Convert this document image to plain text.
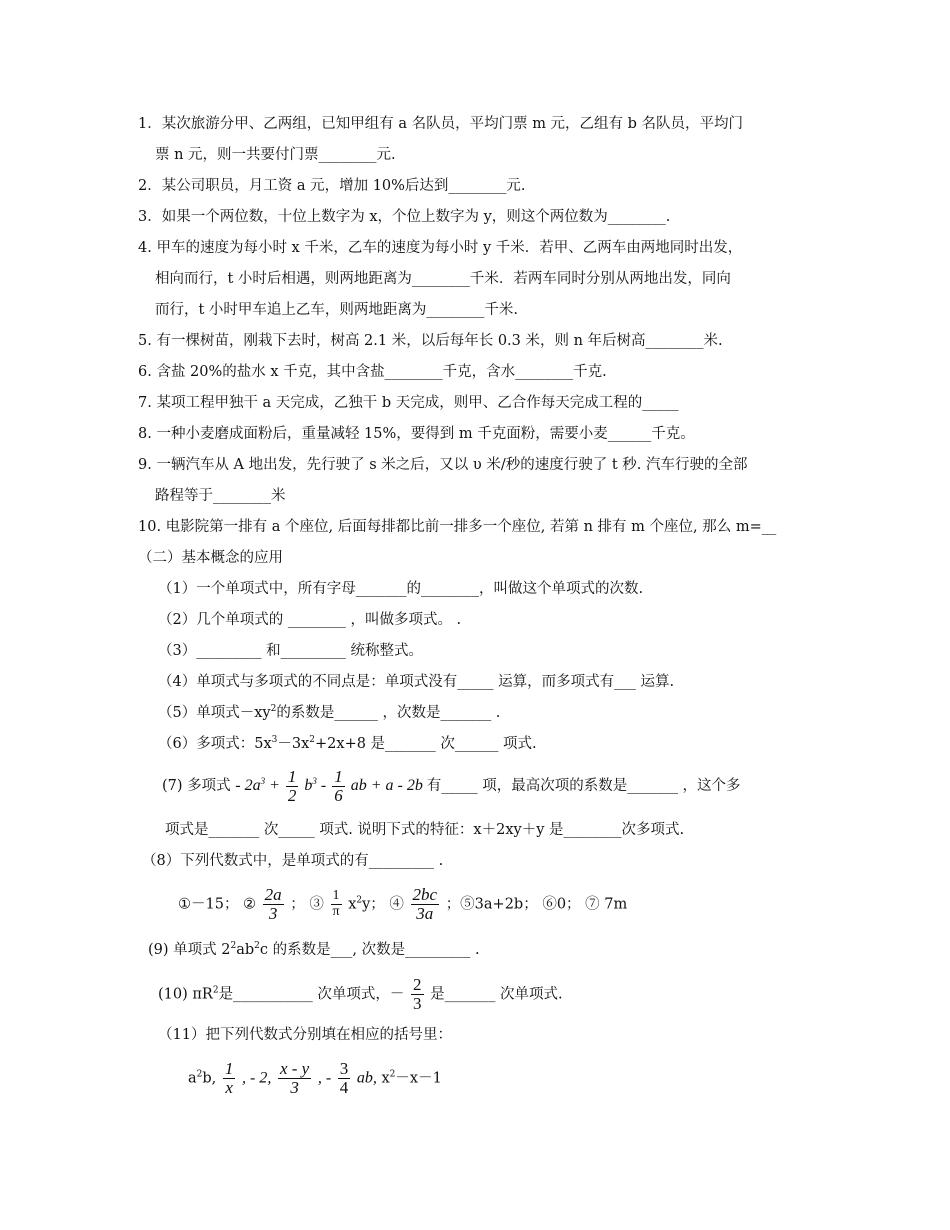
1．某次旅游分甲、乙两组，已知甲组有 a 名队员，平均门票 m 元，乙组有 b 名队员，平均门
票 n 元，则一共要付门票________元.
2．某公司职员，月工资 a 元，增加 10%后达到________元.
3．如果一个两位数，十位上数字为 x，个位上数字为 y，则这个两位数为________.
4. 甲车的速度为每小时 x 千米，乙车的速度为每小时 y 千米．若甲、乙两车由两地同时出发，
相向而行，t 小时后相遇，则两地距离为________千米．若两车同时分别从两地出发，同向
而行，t 小时甲车追上乙车，则两地距离为________千米.
5. 有一棵树苗，刚栽下去时，树高 2.1 米，以后每年长 0.3 米，则 n 年后树高________米.
6. 含盐 20%的盐水 x 千克，其中含盐________千克，含水________千克.
7. 某项工程甲独干 a 天完成，乙独干 b 天完成，则甲、乙合作每天完成工程的_____
8. 一种小麦磨成面粉后，重量减轻 15%，要得到 m 千克面粉，需要小麦______千克。
9. 一辆汽车从 A 地出发，先行驶了 s 米之后，又以 υ 米/秒的速度行驶了 t 秒. 汽车行驶的全部
路程等于________米
10. 电影院第一排有 a 个座位, 后面每排都比前一排多一个座位, 若第 n 排有 m 个座位, 那么 m=__
（二）基本概念的应用
（1）一个单项式中，所有字母_______的________，叫做这个单项式的次数.
（2）几个单项式的 ________ ，叫做多项式。 .
（3）_________ 和_________ 统称整式。
（4）单项式与多项式的不同点是：单项式没有_____ 运算，而多项式有___ 运算.
（5）单项式$-xy^2$的系数是______ ，次数是_______ .
（6）多项式：$5x^3-3x^2+2x+8$ 是_______ 次______ 项式.
(7) 多项式 - $2a^3 + \frac{1}{2} b^3 - \frac{1}{6}$ ab + a - 2b 有_____ 项，最高次项的系数是_______ ，这个多
项式是_______ 次_____ 项式. 说明下式的特征：x＋2xy＋y 是________次多项式.
（8）下列代数式中，是单项式的有_________ .
①－15； ② $\frac{2a}{3}$ ； ③ $\frac{1}{\pi} x^2y$； ④ $\frac{2bc}{3a}$ ；⑤3a+2b； ⑥0； ⑦ 7m
(9) 单项式 $2^2ab^2c$ 的系数是___, 次数是_________ .
(10) $\pi R^2$是___________ 次单项式，－ $\frac{2}{3}$ 是_______ 次单项式.
（11）把下列代数式分别填在相应的括号里：
$a^2b$, $\frac{1}{x}$ , - 2, $\frac{x - y}{3}$ , - $\frac{3}{4}$ ab, $x^2-x-1$
